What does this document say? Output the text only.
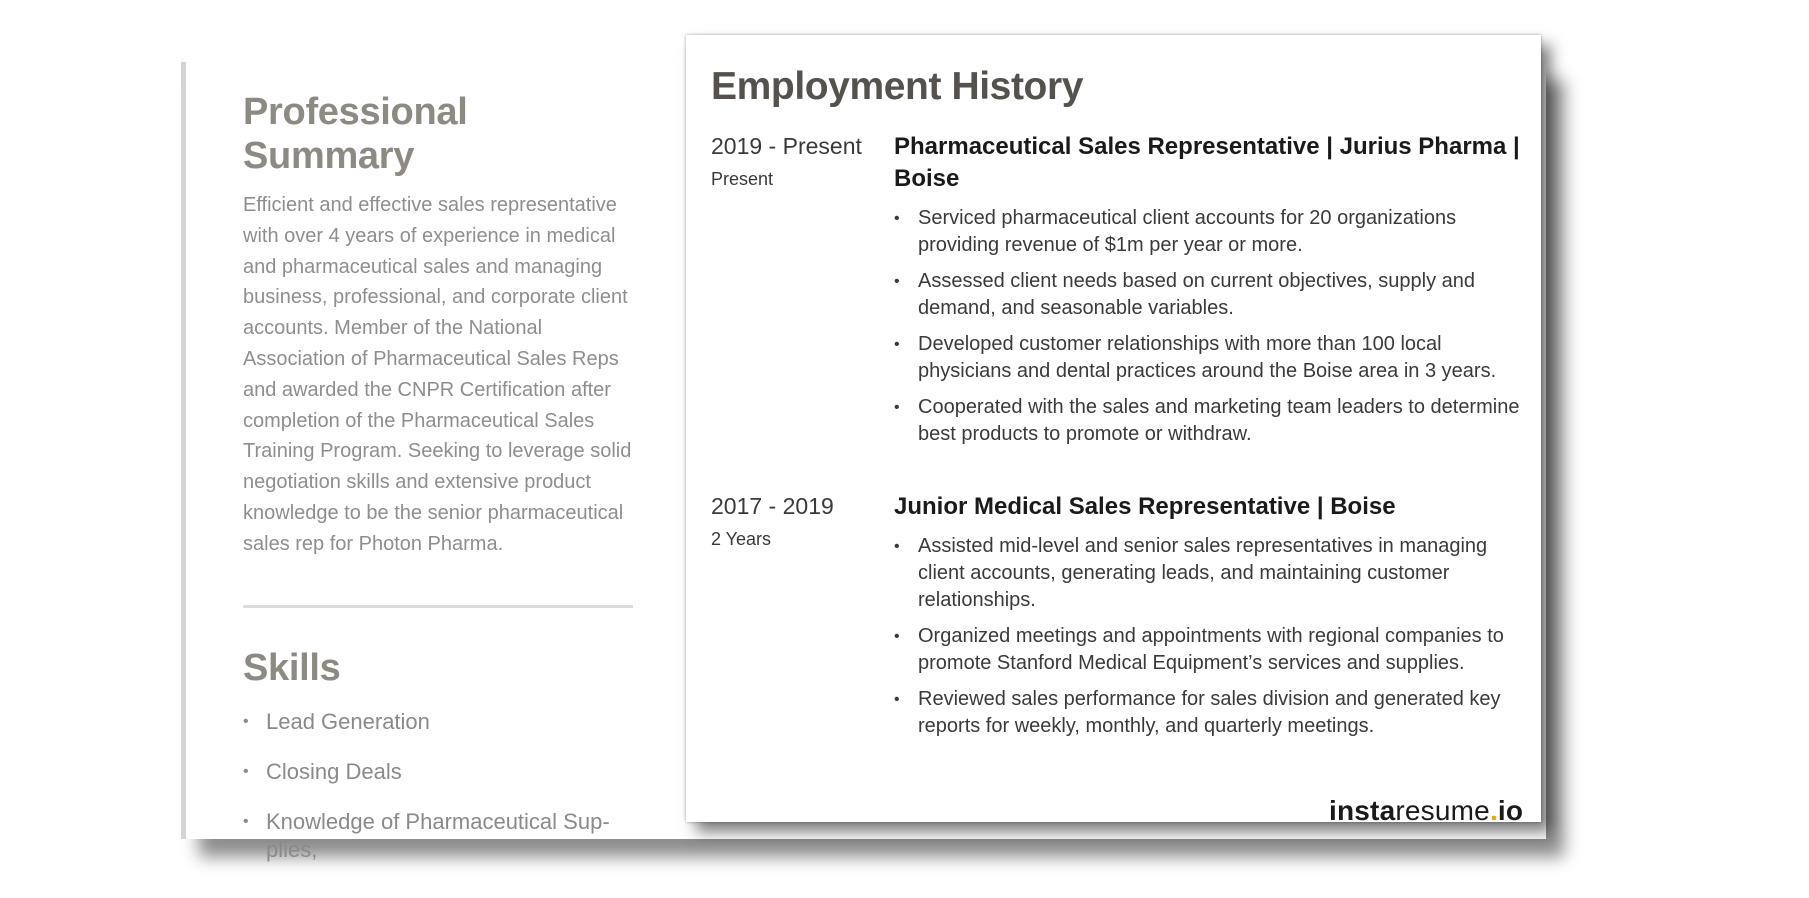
Professional Summary
Efficient and effective sales representative with over 4 years of experience in medical and pharmaceutical sales and managing business, professional, and corporate client accounts. Member of the National Association of Pharmaceutical Sales Reps and awarded the CNPR Certification after completion of the Pharmaceutical Sales Training Program. Seeking to leverage solid negotiation skills and extensive product knowledge to be the senior pharmaceutical sales rep for Photon Pharma.
Skills
• Lead Generation
• Closing Deals
• Knowledge of Pharmaceutical Sup-plies,
Employment History
2019 - Present
Present
Pharmaceutical Sales Representative | Jurius Pharma | Boise
• Serviced pharmaceutical client accounts for 20 organizations providing revenue of $1m per year or more.
• Assessed client needs based on current objectives, supply and demand, and seasonable variables.
• Developed customer relationships with more than 100 local physicians and dental practices around the Boise area in 3 years.
• Cooperated with the sales and marketing team leaders to determine best products to promote or withdraw.
2017 - 2019
2 Years
Junior Medical Sales Representative | Boise
• Assisted mid-level and senior sales representatives in managing client accounts, generating leads, and maintaining customer relationships.
• Organized meetings and appointments with regional companies to promote Stanford Medical Equipment’s services and supplies.
• Reviewed sales performance for sales division and generated key reports for weekly, monthly, and quarterly meetings.
instaresume.io
